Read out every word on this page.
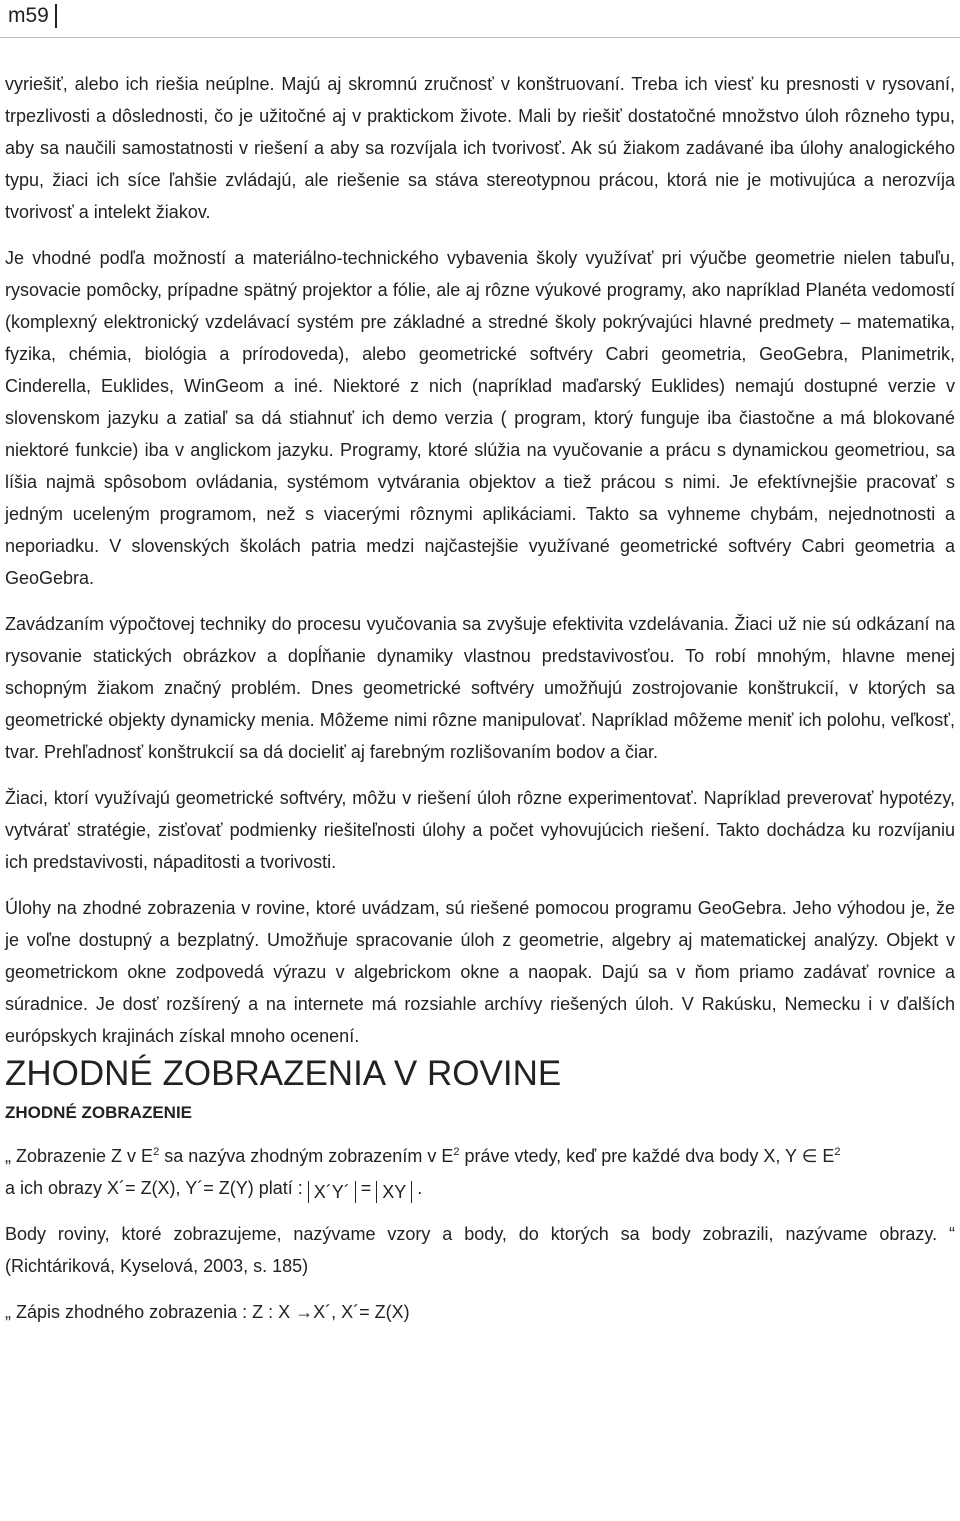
m59

vyriešiť, alebo ich riešia neúplne. Majú aj skromnú zručnosť v konštruovaní. Treba ich viesť ku presnosti v rysovaní, trpezlivosti a dôslednosti, čo je užitočné aj v praktickom živote. Mali by riešiť dostatočné množstvo úloh rôzneho typu, aby sa naučili samostatnosti v riešení a aby sa rozvíjala ich tvorivosť. Ak sú žiakom zadávané iba úlohy analogického typu, žiaci ich síce ľahšie zvládajú, ale riešenie sa stáva stereotypnou prácou, ktorá nie je motivujúca a nerozvíja tvorivosť a intelekt žiakov.

Je vhodné podľa možností a materiálno-technického vybavenia školy využívať pri výučbe geometrie nielen tabuľu, rysovacie pomôcky, prípadne spätný projektor a fólie, ale aj rôzne výukové programy, ako napríklad Planéta vedomostí (komplexný elektronický vzdelávací systém pre základné a stredné školy pokrývajúci hlavné predmety – matematika, fyzika, chémia, biológia a prírodoveda), alebo geometrické softvéry Cabri geometria, GeoGebra, Planimetrik, Cinderella, Euklides, WinGeom a iné. Niektoré z nich (napríklad maďarský Euklides) nemajú dostupné verzie v slovenskom jazyku a zatiaľ sa dá stiahnuť ich demo verzia ( program, ktorý funguje iba čiastočne a má blokované niektoré funkcie) iba v anglickom jazyku. Programy, ktoré slúžia na vyučovanie a prácu s dynamickou geometriou, sa líšia najmä spôsobom ovládania, systémom vytvárania objektov a tiež prácou s nimi. Je efektívnejšie pracovať s jedným uceleným programom, než s viacerými rôznymi aplikáciami. Takto sa vyhneme chybám, nejednotnosti a neporiadku. V slovenských školách patria medzi najčastejšie využívané geometrické softvéry Cabri geometria a GeoGebra.

Zavádzaním výpočtovej techniky do procesu vyučovania sa zvyšuje efektivita vzdelávania. Žiaci už nie sú odkázaní na rysovanie statických obrázkov a dopĺňanie dynamiky vlastnou predstavivosťou. To robí mnohým, hlavne menej schopným žiakom značný problém. Dnes geometrické softvéry umožňujú zostrojovanie konštrukcií, v ktorých sa geometrické objekty dynamicky menia. Môžeme nimi rôzne manipulovať. Napríklad môžeme meniť ich polohu, veľkosť, tvar. Prehľadnosť konštrukcií sa dá docieliť aj farebným rozlišovaním bodov a čiar.

Žiaci, ktorí využívajú geometrické softvéry, môžu v riešení úloh rôzne experimentovať. Napríklad preverovať hypotézy, vytvárať stratégie, zisťovať podmienky riešiteľnosti úlohy a počet vyhovujúcich riešení. Takto dochádza ku rozvíjaniu ich predstavivosti, nápaditosti a tvorivosti.

Úlohy na zhodné zobrazenia v rovine, ktoré uvádzam, sú riešené pomocou programu GeoGebra. Jeho výhodou je, že je voľne dostupný a bezplatný. Umožňuje spracovanie úloh z geometrie, algebry aj matematickej analýzy. Objekt v geometrickom okne zodpovedá výrazu v algebrickom okne a naopak. Dajú sa v ňom priamo zadávať rovnice a súradnice. Je dosť rozšírený a na internete má rozsiahle archívy riešených úloh. V Rakúsku, Nemecku i v ďalších európskych krajinách získal mnoho ocenení.

ZHODNÉ ZOBRAZENIA V ROVINE
ZHODNÉ ZOBRAZENIE

„ Zobrazenie Z v $E^2$ sa nazýva zhodným zobrazením v $E^2$ práve vtedy, keď pre každé dva body X, Y ∈ $E^2$
a ich obrazy X´= Z(X), Y´= Z(Y) platí : X´Y´ = XY .

Body roviny, ktoré zobrazujeme, nazývame vzory a body, do ktorých sa body zobrazili, nazývame obrazy. “ (Richtáriková, Kyselová, 2003, s. 185)

„ Zápis zhodného zobrazenia : Z : X →X´, X´= Z(X)
